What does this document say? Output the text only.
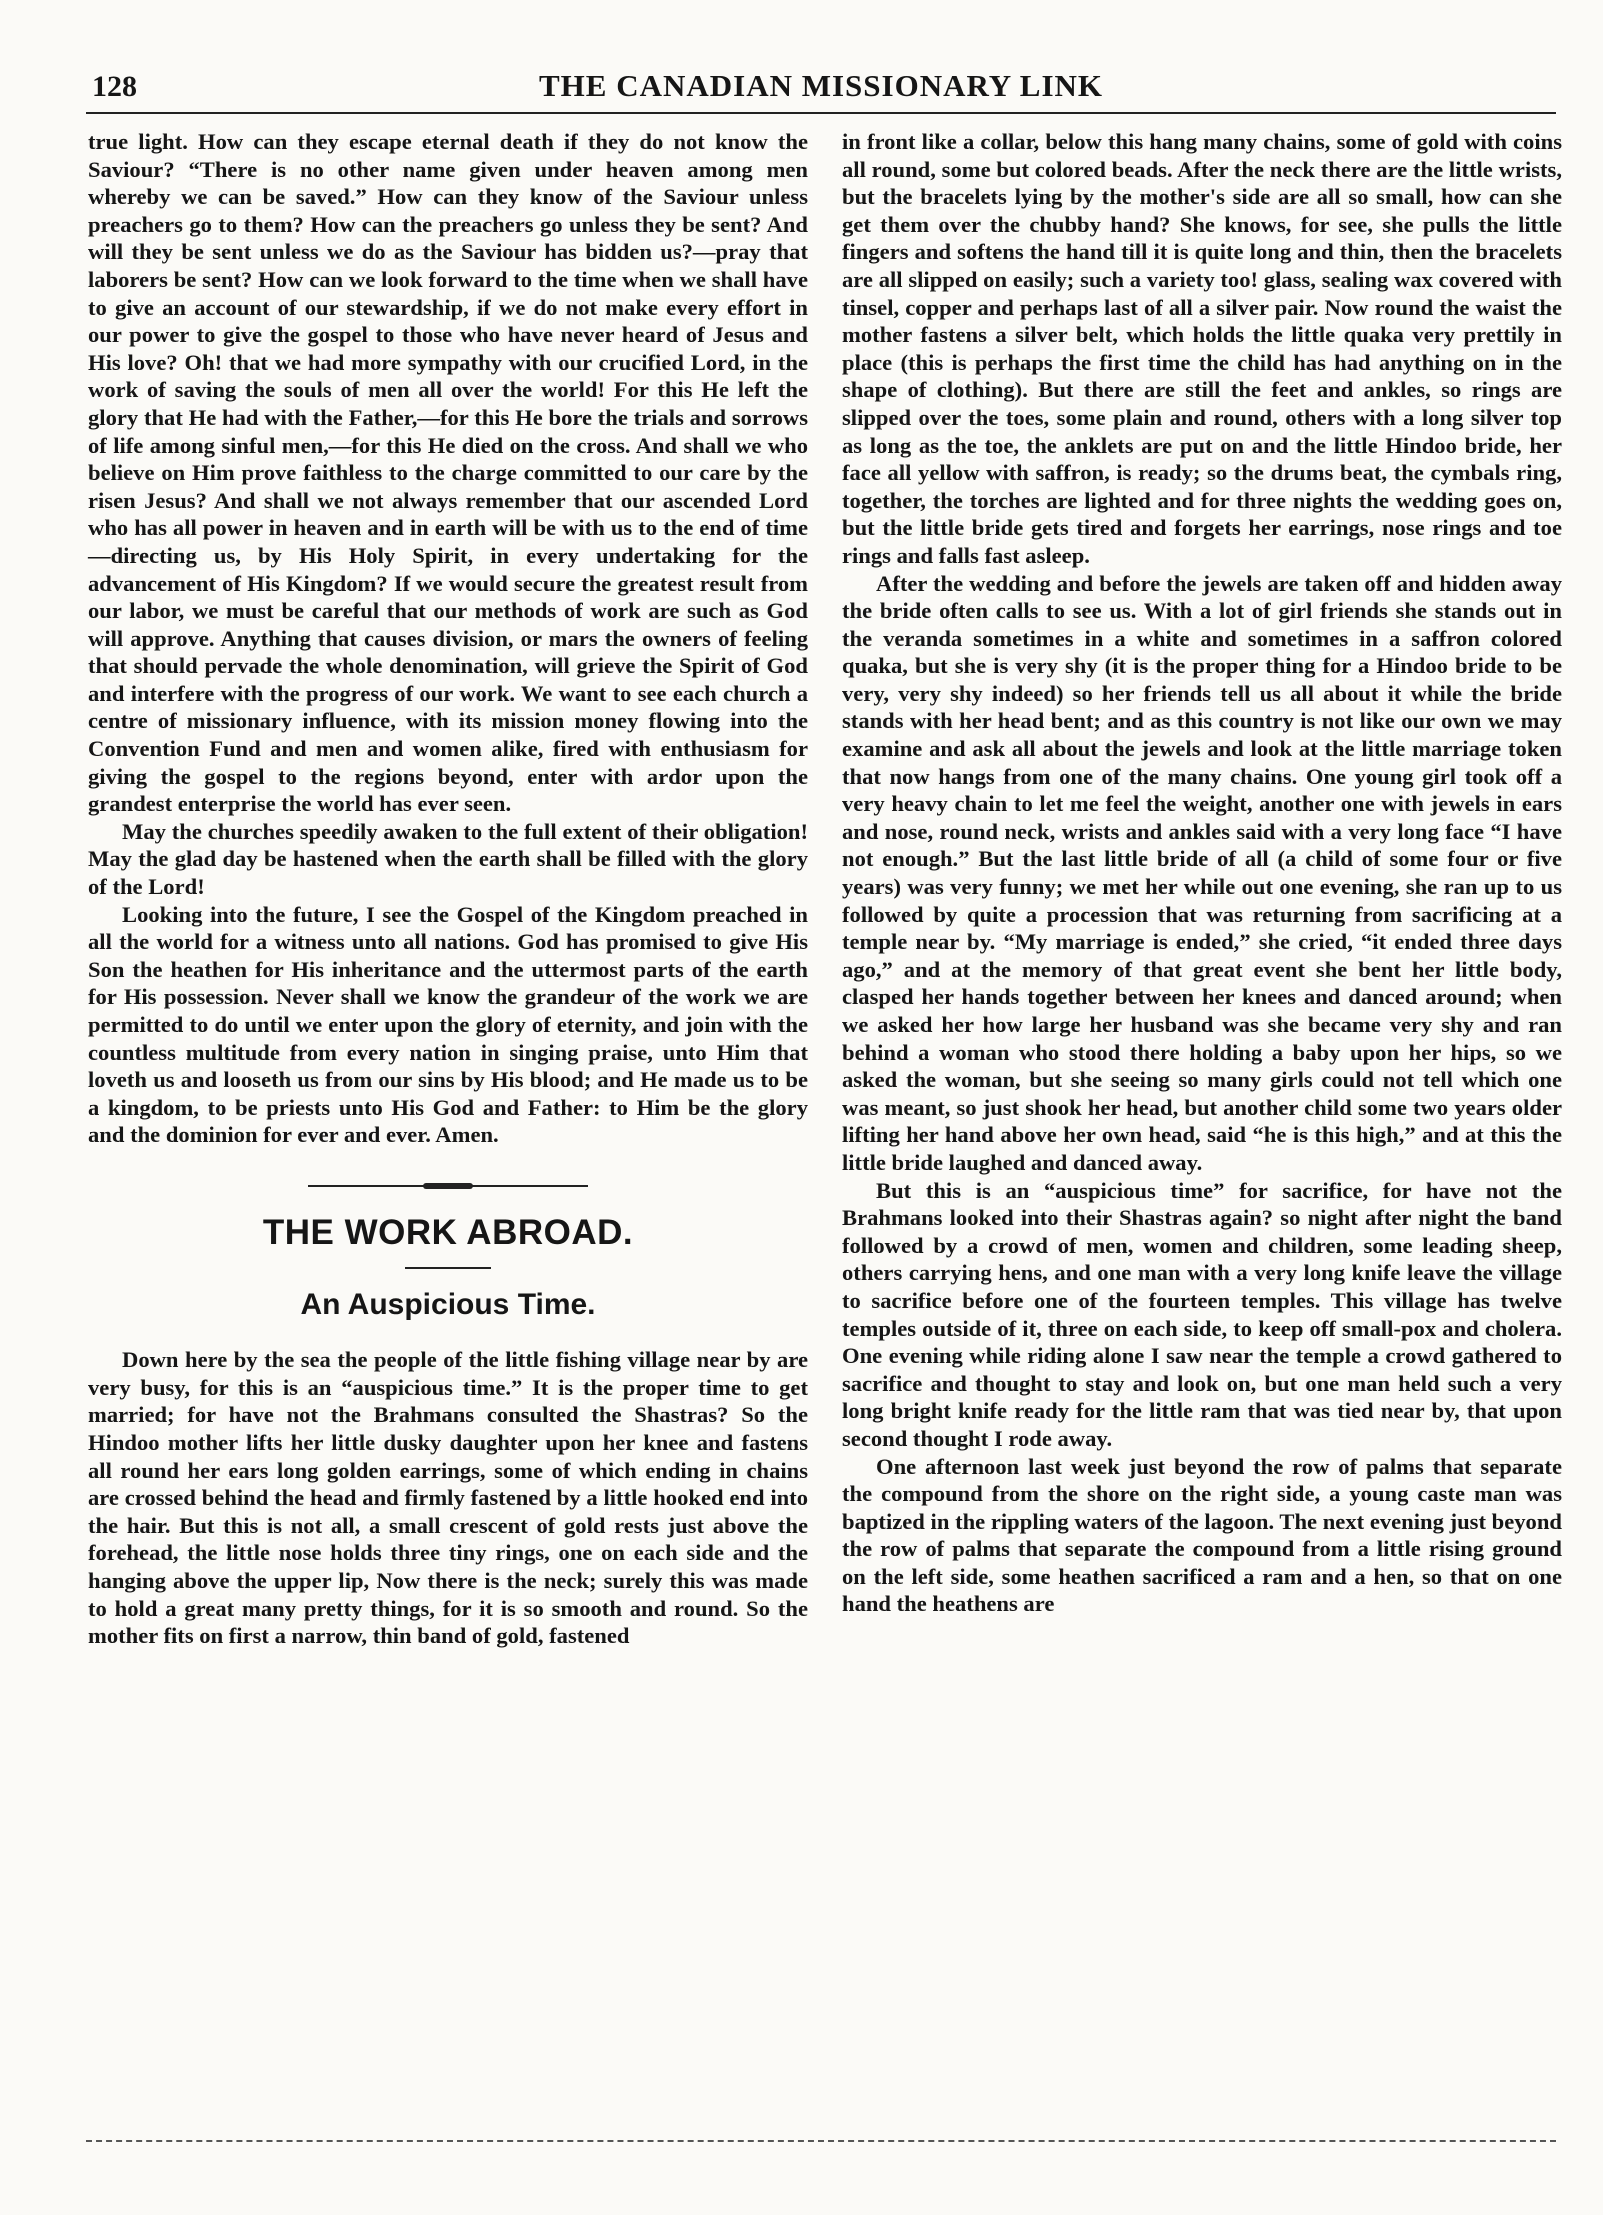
128	THE CANADIAN MISSIONARY LINK

true light. How can they escape eternal death if they do not know the Saviour? “There is no other name given under heaven among men whereby we can be saved.” How can they know of the Saviour unless preachers go to them? How can the preachers go unless they be sent? And will they be sent unless we do as the Saviour has bidden us?—pray that laborers be sent? How can we look forward to the time when we shall have to give an account of our stewardship, if we do not make every effort in our power to give the gospel to those who have never heard of Jesus and His love? Oh! that we had more sympathy with our crucified Lord, in the work of saving the souls of men all over the world! For this He left the glory that He had with the Father,—for this He bore the trials and sorrows of life among sinful men,—for this He died on the cross. And shall we who believe on Him prove faithless to the charge committed to our care by the risen Jesus? And shall we not always remember that our ascended Lord who has all power in heaven and in earth will be with us to the end of time—directing us, by His Holy Spirit, in every undertaking for the advancement of His Kingdom? If we would secure the greatest result from our labor, we must be careful that our methods of work are such as God will approve. Anything that causes division, or mars the owners of feeling that should pervade the whole denomination, will grieve the Spirit of God and interfere with the progress of our work. We want to see each church a centre of missionary influence, with its mission money flowing into the Convention Fund and men and women alike, fired with enthusiasm for giving the gospel to the regions beyond, enter with ardor upon the grandest enterprise the world has ever seen.

May the churches speedily awaken to the full extent of their obligation! May the glad day be hastened when the earth shall be filled with the glory of the Lord!

Looking into the future, I see the Gospel of the Kingdom preached in all the world for a witness unto all nations. God has promised to give His Son the heathen for His inheritance and the uttermost parts of the earth for His possession. Never shall we know the grandeur of the work we are permitted to do until we enter upon the glory of eternity, and join with the countless multitude from every nation in singing praise, unto Him that loveth us and looseth us from our sins by His blood; and He made us to be a kingdom, to be priests unto His God and Father: to Him be the glory and the dominion for ever and ever. Amen.

THE WORK ABROAD.
An Auspicious Time.

Down here by the sea the people of the little fishing village near by are very busy, for this is an “auspicious time.” It is the proper time to get married; for have not the Brahmans consulted the Shastras? So the Hindoo mother lifts her little dusky daughter upon her knee and fastens all round her ears long golden earrings, some of which ending in chains are crossed behind the head and firmly fastened by a little hooked end into the hair. But this is not all, a small crescent of gold rests just above the forehead, the little nose holds three tiny rings, one on each side and the hanging above the upper lip, Now there is the neck; surely this was made to hold a great many pretty things, for it is so smooth and round. So the mother fits on first a narrow, thin band of gold, fastened

in front like a collar, below this hang many chains, some of gold with coins all round, some but colored beads. After the neck there are the little wrists, but the bracelets lying by the mother's side are all so small, how can she get them over the chubby hand? She knows, for see, she pulls the little fingers and softens the hand till it is quite long and thin, then the bracelets are all slipped on easily; such a variety too! glass, sealing wax covered with tinsel, copper and perhaps last of all a silver pair. Now round the waist the mother fastens a silver belt, which holds the little quaka very prettily in place (this is perhaps the first time the child has had anything on in the shape of clothing). But there are still the feet and ankles, so rings are slipped over the toes, some plain and round, others with a long silver top as long as the toe, the anklets are put on and the little Hindoo bride, her face all yellow with saffron, is ready; so the drums beat, the cymbals ring, together, the torches are lighted and for three nights the wedding goes on, but the little bride gets tired and forgets her earrings, nose rings and toe rings and falls fast asleep.

After the wedding and before the jewels are taken off and hidden away the bride often calls to see us. With a lot of girl friends she stands out in the veranda sometimes in a white and sometimes in a saffron colored quaka, but she is very shy (it is the proper thing for a Hindoo bride to be very, very shy indeed) so her friends tell us all about it while the bride stands with her head bent; and as this country is not like our own we may examine and ask all about the jewels and look at the little marriage token that now hangs from one of the many chains. One young girl took off a very heavy chain to let me feel the weight, another one with jewels in ears and nose, round neck, wrists and ankles said with a very long face “I have not enough.” But the last little bride of all (a child of some four or five years) was very funny; we met her while out one evening, she ran up to us followed by quite a procession that was returning from sacrificing at a temple near by. “My marriage is ended,” she cried, “it ended three days ago,” and at the memory of that great event she bent her little body, clasped her hands together between her knees and danced around; when we asked her how large her husband was she became very shy and ran behind a woman who stood there holding a baby upon her hips, so we asked the woman, but she seeing so many girls could not tell which one was meant, so just shook her head, but another child some two years older lifting her hand above her own head, said “he is this high,” and at this the little bride laughed and danced away.

But this is an “auspicious time” for sacrifice, for have not the Brahmans looked into their Shastras again? so night after night the band followed by a crowd of men, women and children, some leading sheep, others carrying hens, and one man with a very long knife leave the village to sacrifice before one of the fourteen temples. This village has twelve temples outside of it, three on each side, to keep off small-pox and cholera. One evening while riding alone I saw near the temple a crowd gathered to sacrifice and thought to stay and look on, but one man held such a very long bright knife ready for the little ram that was tied near by, that upon second thought I rode away.

One afternoon last week just beyond the row of palms that separate the compound from the shore on the right side, a young caste man was baptized in the rippling waters of the lagoon. The next evening just beyond the row of palms that separate the compound from a little rising ground on the left side, some heathen sacrificed a ram and a hen, so that on one hand the heathens are
